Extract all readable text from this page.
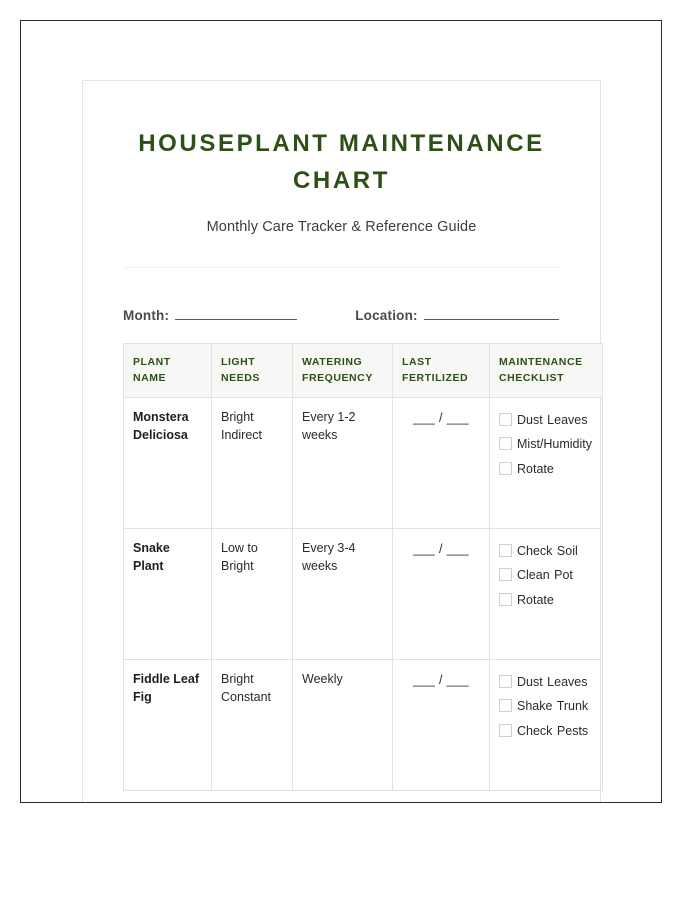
HOUSEPLANT MAINTENANCE CHART

Monthly Care Tracker & Reference Guide

Month:	Location:
PLANT NAME	LIGHT NEEDS	WATERING FREQUENCY	LAST FERTILIZED	MAINTENANCE CHECKLIST
Monstera Deliciosa	Bright Indirect	Every 1-2 weeks	___ / ___	Dust Leaves Mist/Humidity Rotate

Snake Plant	Low to Bright	Every 3-4 weeks	___ / ___	Check Soil Clean Pot Rotate

Fiddle Leaf Fig	Bright Constant	Weekly	___ / ___	Dust Leaves Shake Trunk Check Pests
